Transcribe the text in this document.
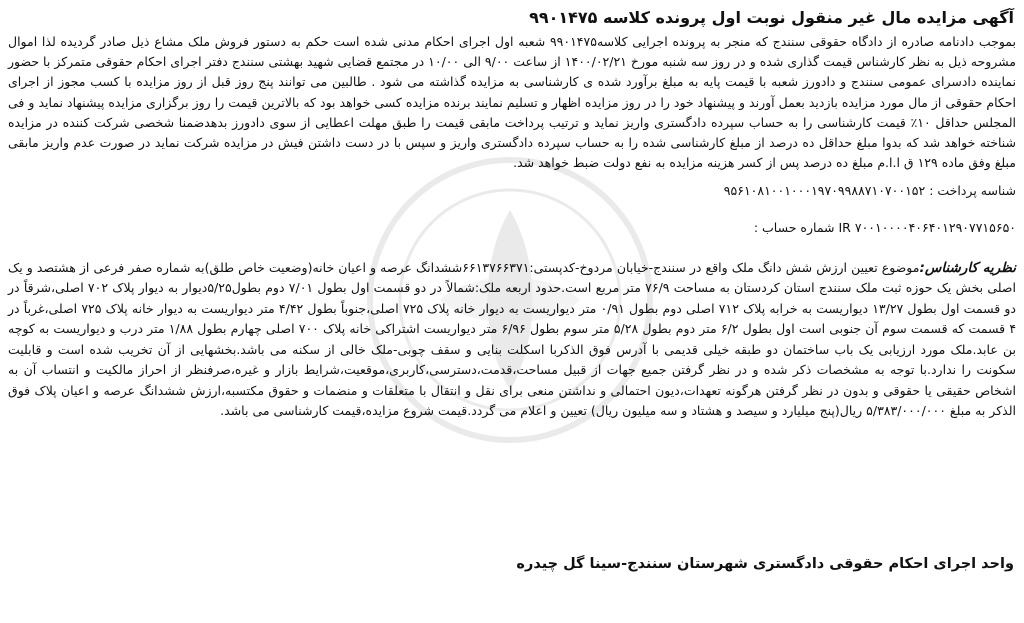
آگهی مزایده مال غیر منقول نوبت اول پرونده کلاسه ۹۹۰۱۴۷۵

بموجب دادنامه صادره از دادگاه حقوقی سنندج که منجر به پرونده اجرایی کلاسه۹۹۰۱۴۷۵ شعبه اول اجرای احکام مدنی شده است حکم به دستور فروش ملک مشاع ذیل صادر گردیده لذا اموال مشروحه ذیل به نظر کارشناس قیمت گذاری شده و در روز سه شنبه مورخ ۱۴۰۰/۰۲/۲۱ از ساعت ۹/۰۰ الی ۱۰/۰۰ در مجتمع قضایی شهید بهشتی سنندج دفتر اجرای احکام حقوقی متمرکز با حضور نماینده دادسرای عمومی سنندج و دادورز شعبه با قیمت پایه به مبلغ برآورد شده ی کارشناسی به مزایده گذاشته می شود . طالبین می توانند پنج روز قبل از روز مزایده با کسب مجوز از اجرای احکام حقوقی از مال مورد مزایده بازدید بعمل آورند و پیشنهاد خود را در روز مزایده اظهار و تسلیم نمایند برنده مزایده کسی خواهد بود که بالاترین قیمت را روز برگزاری مزایده پیشنهاد نماید و فی المجلس حداقل ۱۰٪ قیمت کارشناسی را به حساب سپرده دادگستری واریز نماید و ترتیب پرداخت مابقی قیمت را طبق مهلت اعطایی از سوی دادورز بدهدضمنا شخصی شرکت کننده در مزایده شناخته خواهد شد که بدوا مبلغ حداقل ده درصد از مبلغ کارشناسی شده را به حساب سپرده دادگستری واریز و سپس با در دست داشتن فیش در مزایده شرکت نماید در صورت عدم واریز مابقی مبلغ وفق ماده ۱۲۹ ق ا.ا.م مبلغ ده درصد پس از کسر هزینه مزایده به نفع دولت ضبط خواهد شد.

شناسه پرداخت : ۹۵۶۱۰۸۱۰۰۱۰۰۰۱۹۷۰۹۹۸۸۷۱۰۷۰۰۱۵۲
۷۰۰۱۰۰۰۰۴۰۶۴۰۱۲۹۰۷۷۱۵۶۵۰ IR شماره حساب :

نظریه کارشناس:موضوع تعیین ارزش شش دانگ ملک واقع در سنندج-خیابان مردوخ-کدپستی:۶۶۱۳۷۶۶۳۷۱ششدانگ عرصه و اعیان خانه(وضعیت خاص طلق)به شماره صفر فرعی از هشتصد و یک اصلی بخش یک حوزه ثبت ملک سنندج استان کردستان به مساحت ۷۶/۹ متر مربع است.حدود اربعه ملک:شمالاً در دو قسمت اول بطول ۷/۰۱ دوم بطول۵/۲۵دیوار به دیوار پلاک ۷۰۲ اصلی،شرقاً در دو قسمت اول بطول ۱۳/۲۷ دیواریست به خرابه پلاک ۷۱۲ اصلی دوم بطول ۰/۹۱ متر دیواریست به دیوار خانه پلاک ۷۲۵ اصلی،جنوباً بطول ۴/۴۲ متر دیواریست به دیوار خانه پلاک ۷۲۵ اصلی،غرباً در ۴ قسمت که قسمت سوم آن جنوبی است اول بطول ۶/۲ متر دوم بطول ۵/۲۸ متر سوم بطول ۶/۹۶ متر دیواریست اشتراکی خانه پلاک ۷۰۰ اصلی چهارم بطول ۱/۸۸ متر درب و دیواریست به کوچه بن عابد.ملک مورد ارزیابی یک باب ساختمان دو طبقه خیلی قدیمی با آدرس فوق الذکربا اسکلت بنایی و سقف چوبی-ملک خالی از سکنه می باشد.بخشهایی از آن تخریب شده است و قابلیت سکونت را ندارد.با توجه به مشخصات ذکر شده و در نظر گرفتن جمیع جهات از قبیل مساحت،قدمت،دسترسی،کاربری،موقعیت،شرایط بازار و غیره،صرفنظر از احراز مالکیت و انتساب آن به اشخاص حقیقی یا حقوقی و بدون در نظر گرفتن هرگونه تعهدات،دیون احتمالی و نداشتن منعی برای نقل و انتقال با متعلقات و منضمات و حقوق مکتسبه،ارزش ششدانگ عرصه و اعیان پلاک فوق الذکر به مبلغ ۵/۳۸۳/۰۰۰/۰۰۰ ریال(پنج میلیارد و سیصد و هشتاد و سه میلیون ریال) تعیین و اعلام می گردد.قیمت شروع مزایده،قیمت کارشناسی می باشد.

واحد اجرای احکام حقوقی دادگستری شهرستان سنندج-سینا گل چیدره
